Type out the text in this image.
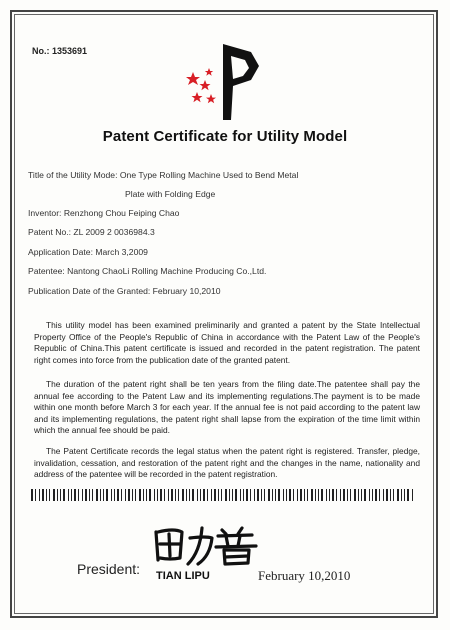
No.: 1353691
Patent Certificate for Utility Model
Title of the Utility Mode: One Type Rolling Machine Used to Bend Metal
Plate with Folding Edge
Inventor: Renzhong Chou Feiping Chao
Patent No.: ZL 2009 2 0036984.3
Application Date: March 3,2009
Patentee: Nantong ChaoLi Rolling Machine Producing Co.,Ltd.
Publication Date of the Granted: February 10,2010

This utility model has been examined preliminarily and granted a patent by the State Intellectual Property Office of the People's Republic of China in accordance with the Patent Law of the People's Republic of China.This patent certificate is issued and recorded in the patent registration. The patent right comes into force from the publication date of the granted patent.

The duration of the patent right shall be ten years from the filing date.The patentee shall pay the annual fee according to the Patent Law and its implementing regulations.The payment is to be made within one month before March 3 for each year. If the annual fee is not paid according to the patent law and its implementing regulations, the patent right shall lapse from the expiration of the time limit within which the annual fee should be paid.

The Patent Certificate records the legal status when the patent right is registered. Transfer, pledge, invalidation, cessation, and restoration of the patent right and the changes in the name, nationality and address of the patentee will be recorded in the patent registration.

President: TIAN LIPU	February 10,2010
